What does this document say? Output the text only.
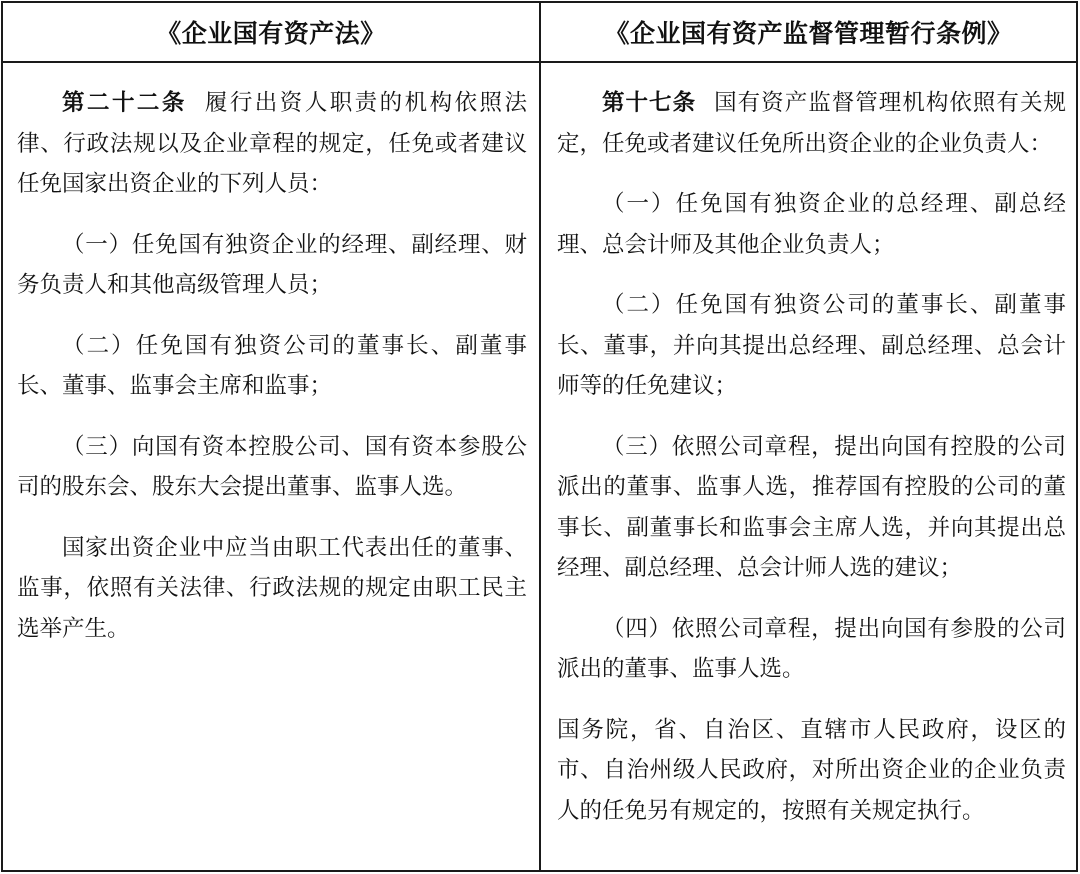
《企业国有资产法》	《企业国有资产监督管理暂行条例》

第二十二条 履行出资人职责的机构依照法律、行政法规以及企业章程的规定，任免或者建议任免国家出资企业的下列人员：

（一）任免国有独资企业的经理、副经理、财务负责人和其他高级管理人员；

（二）任免国有独资公司的董事长、副董事长、董事、监事会主席和监事；

（三）向国有资本控股公司、国有资本参股公司的股东会、股东大会提出董事、监事人选。

国家出资企业中应当由职工代表出任的董事、监事，依照有关法律、行政法规的规定由职工民主选举产生。

第十七条 国有资产监督管理机构依照有关规定，任免或者建议任免所出资企业的企业负责人：

（一）任免国有独资企业的总经理、副总经理、总会计师及其他企业负责人；

（二）任免国有独资公司的董事长、副董事长、董事，并向其提出总经理、副总经理、总会计师等的任免建议；

（三）依照公司章程，提出向国有控股的公司派出的董事、监事人选，推荐国有控股的公司的董事长、副董事长和监事会主席人选，并向其提出总经理、副总经理、总会计师人选的建议；

（四）依照公司章程，提出向国有参股的公司派出的董事、监事人选。

国务院，省、自治区、直辖市人民政府，设区的市、自治州级人民政府，对所出资企业的企业负责人的任免另有规定的，按照有关规定执行。
